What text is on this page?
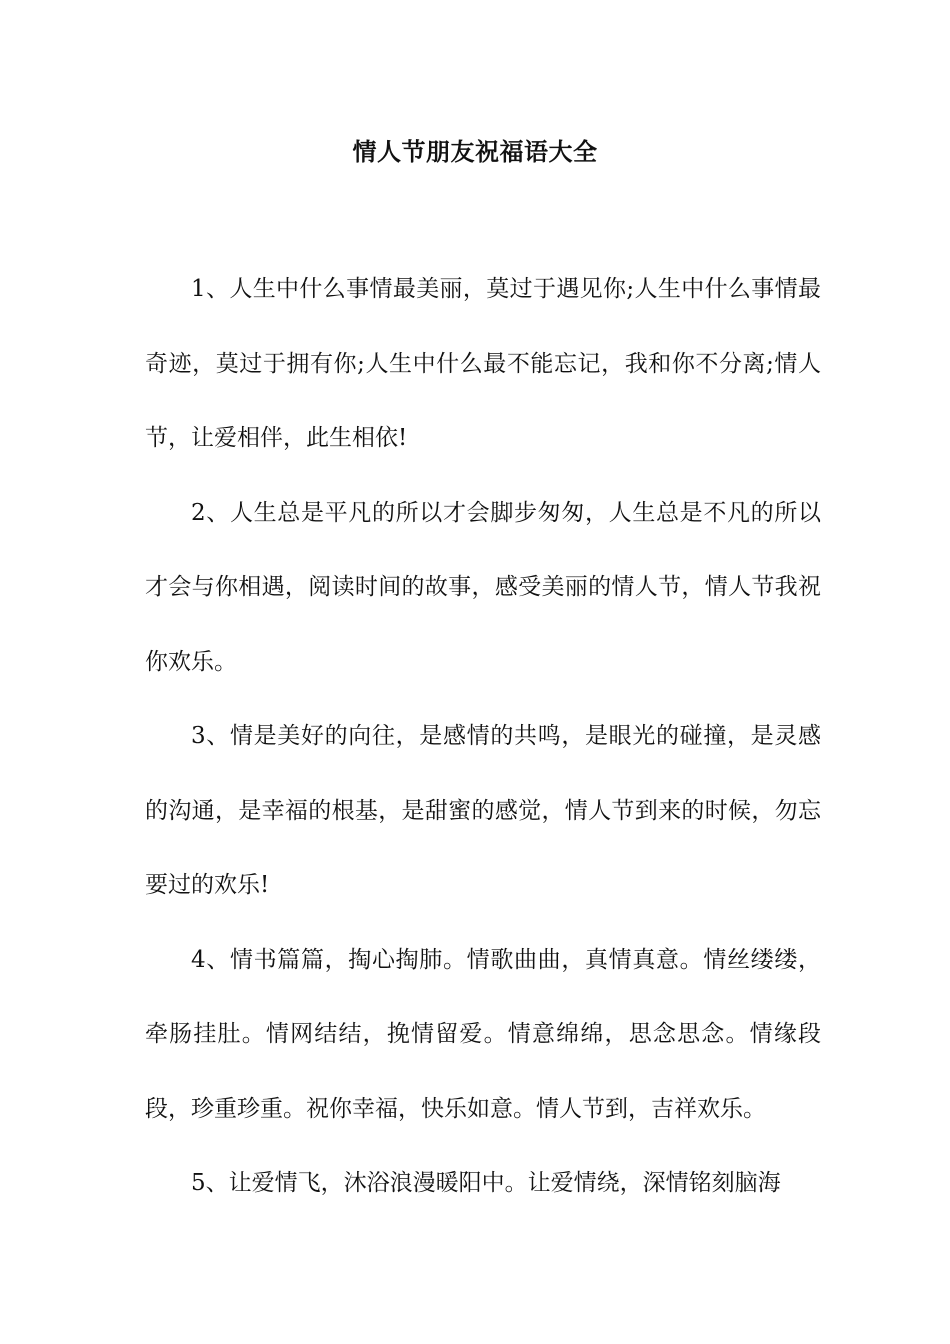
情人节朋友祝福语大全

1、人生中什么事情最美丽，莫过于遇见你;人生中什么事情最奇迹，莫过于拥有你;人生中什么最不能忘记，我和你不分离;情人节，让爱相伴，此生相依!

2、人生总是平凡的所以才会脚步匆匆，人生总是不凡的所以才会与你相遇，阅读时间的故事，感受美丽的情人节，情人节我祝你欢乐。

3、情是美好的向往，是感情的共鸣，是眼光的碰撞，是灵感的沟通，是幸福的根基，是甜蜜的感觉，情人节到来的时候，勿忘要过的欢乐!

4、情书篇篇，掏心掏肺。情歌曲曲，真情真意。情丝缕缕，牵肠挂肚。情网结结，挽情留爱。情意绵绵，思念思念。情缘段段，珍重珍重。祝你幸福，快乐如意。情人节到，吉祥欢乐。

5、让爱情飞，沐浴浪漫暖阳中。让爱情绕，深情铭刻脑海
